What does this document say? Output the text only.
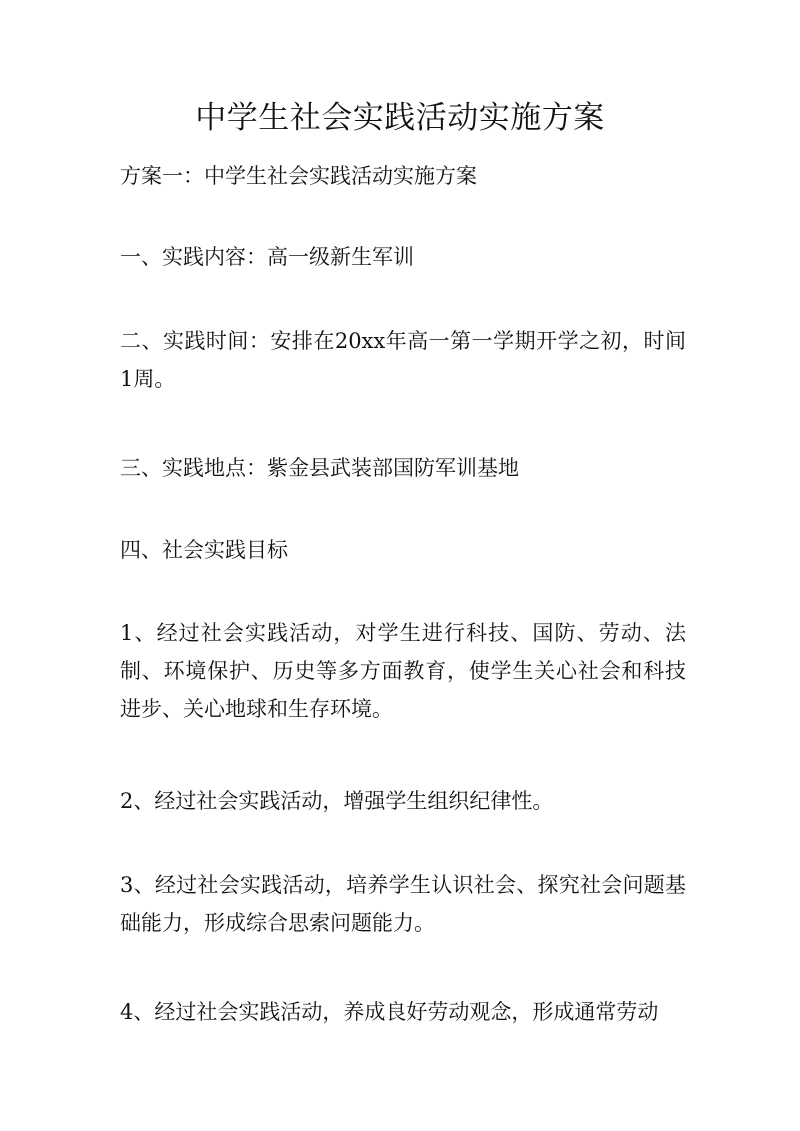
中学生社会实践活动实施方案

方案一：中学生社会实践活动实施方案

一、实践内容：高一级新生军训

二、实践时间：安排在20xx年高一第一学期开学之初，时间1周。

三、实践地点：紫金县武装部国防军训基地

四、社会实践目标

1、经过社会实践活动，对学生进行科技、国防、劳动、法制、环境保护、历史等多方面教育，使学生关心社会和科技进步、关心地球和生存环境。

2、经过社会实践活动，增强学生组织纪律性。

3、经过社会实践活动，培养学生认识社会、探究社会问题基础能力，形成综合思索问题能力。

4、经过社会实践活动，养成良好劳动观念，形成通常劳动
